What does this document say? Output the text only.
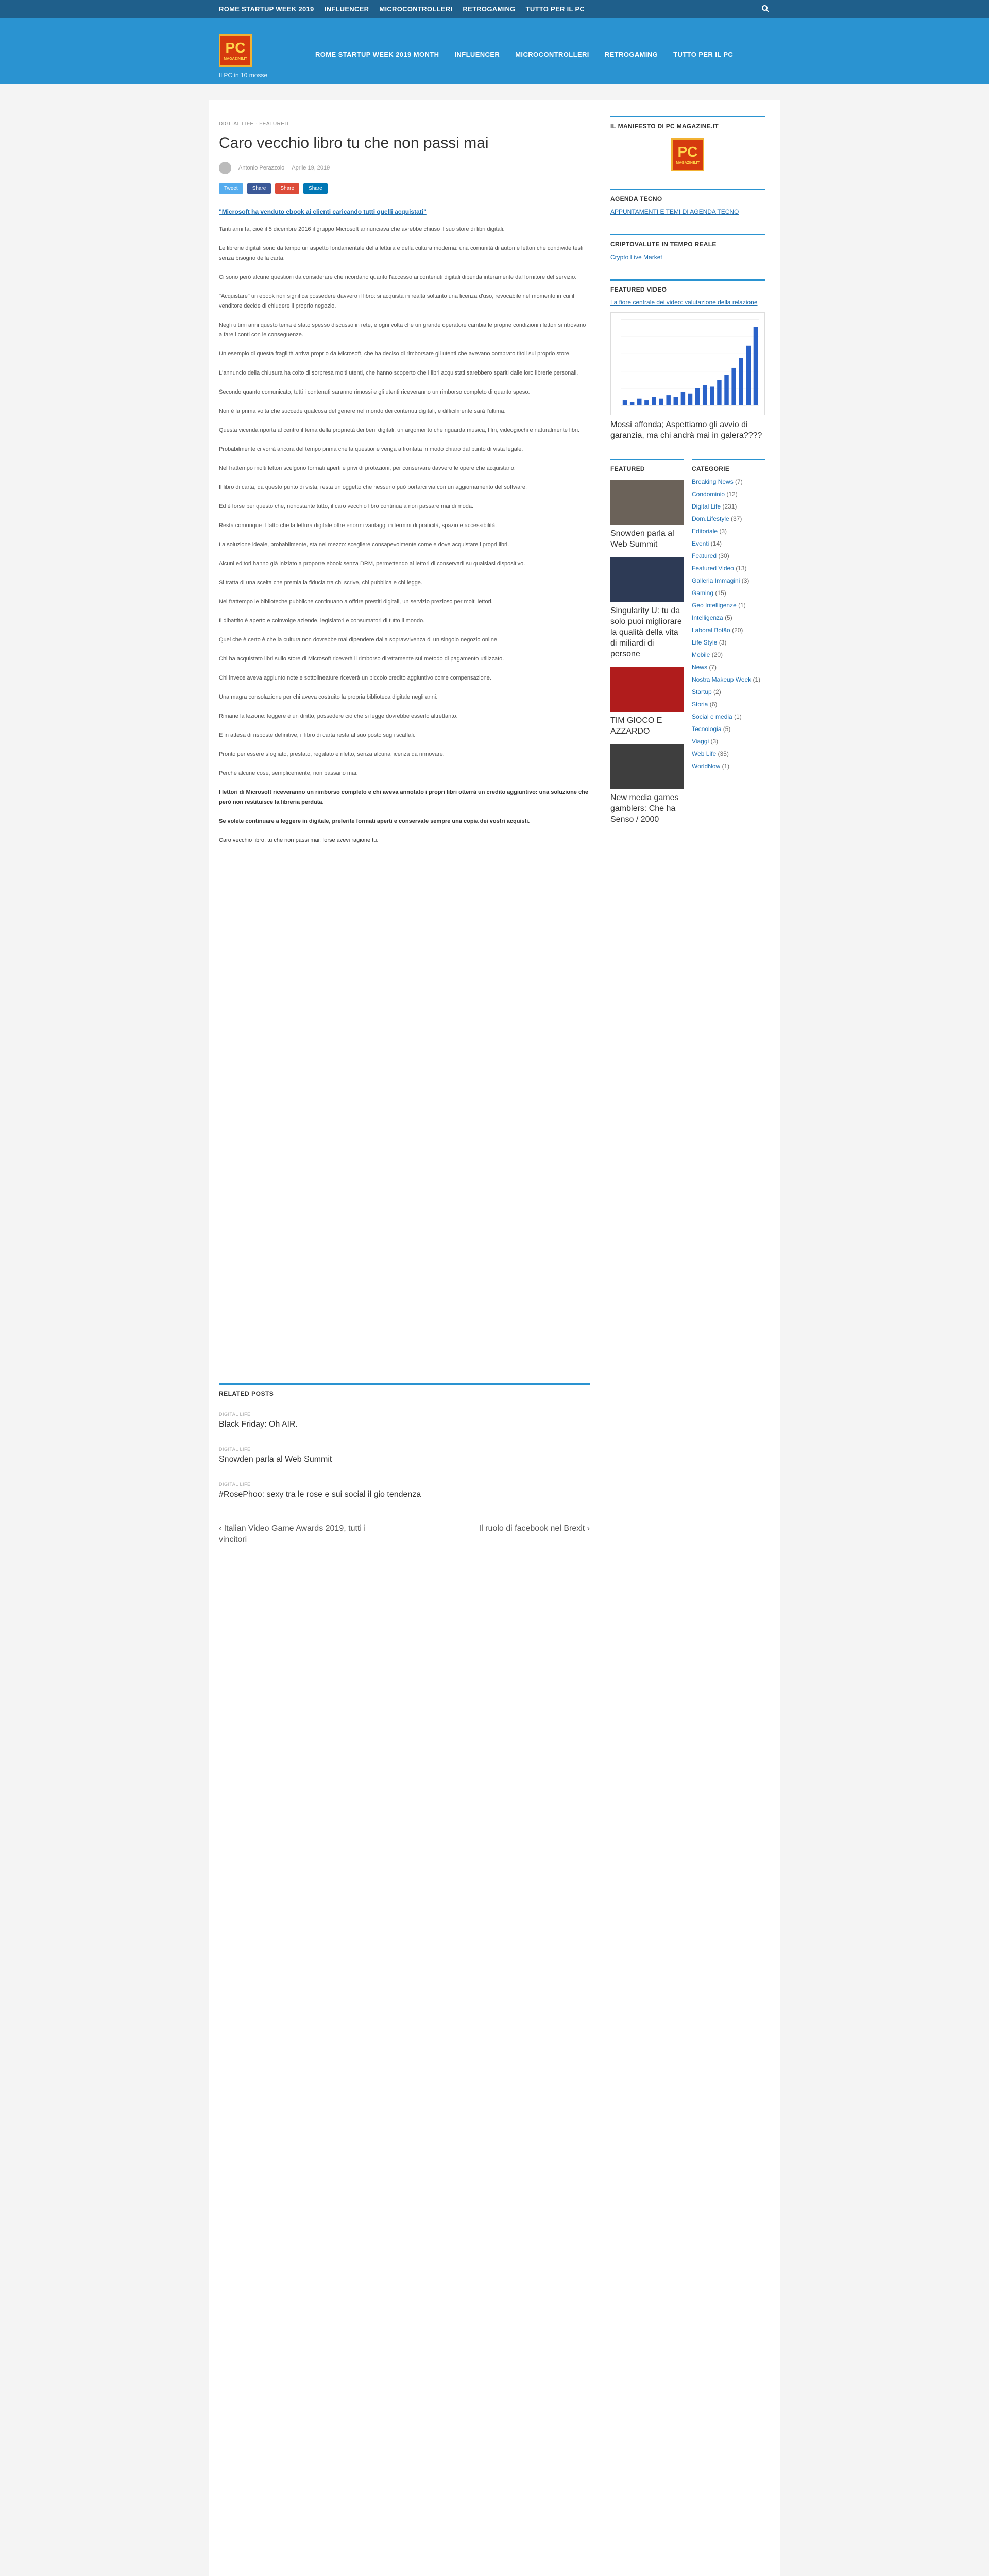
ROME STARTUP WEEK 2019 INFLUENCER MICROCONTROLLERI RETROGAMING TUTTO PER IL PC
PC
MAGAZINE.IT
Il PC in 10 mosse
ROME STARTUP WEEK 2019 MONTH INFLUENCER MICROCONTROLLERI RETROGAMING TUTTO PER IL PC
DIGITAL LIFE · FEATURED
Caro vecchio libro tu che non passi mai
Antonio Perazzolo Aprile 19, 2019
Tweet	Share	Share	Share
"Microsoft ha venduto ebook ai clienti caricando tutti quelli acquistati"

Tanti anni fa, cioè il 5 dicembre 2016 il gruppo Microsoft annunciava che avrebbe chiuso il suo store di libri digitali.

Le librerie digitali sono da tempo un aspetto fondamentale della lettura e della cultura moderna: una comunità di autori e lettori che condivide testi senza bisogno della carta.

Ci sono però alcune questioni da considerare che ricordano quanto l'accesso ai contenuti digitali dipenda interamente dal fornitore del servizio.

"Acquistare" un ebook non significa possedere davvero il libro: si acquista in realtà soltanto una licenza d'uso, revocabile nel momento in cui il venditore decide di chiudere il proprio negozio.

Negli ultimi anni questo tema è stato spesso discusso in rete, e ogni volta che un grande operatore cambia le proprie condizioni i lettori si ritrovano a fare i conti con le conseguenze.

Un esempio di questa fragilità arriva proprio da Microsoft, che ha deciso di rimborsare gli utenti che avevano comprato titoli sul proprio store.

L'annuncio della chiusura ha colto di sorpresa molti utenti, che hanno scoperto che i libri acquistati sarebbero spariti dalle loro librerie personali.

Secondo quanto comunicato, tutti i contenuti saranno rimossi e gli utenti riceveranno un rimborso completo di quanto speso.

Non è la prima volta che succede qualcosa del genere nel mondo dei contenuti digitali, e difficilmente sarà l'ultima.

Questa vicenda riporta al centro il tema della proprietà dei beni digitali, un argomento che riguarda musica, film, videogiochi e naturalmente libri.

Probabilmente ci vorrà ancora del tempo prima che la questione venga affrontata in modo chiaro dal punto di vista legale.

Nel frattempo molti lettori scelgono formati aperti e privi di protezioni, per conservare davvero le opere che acquistano.

Il libro di carta, da questo punto di vista, resta un oggetto che nessuno può portarci via con un aggiornamento del software.

Ed è forse per questo che, nonostante tutto, il caro vecchio libro continua a non passare mai di moda.

Resta comunque il fatto che la lettura digitale offre enormi vantaggi in termini di praticità, spazio e accessibilità.

La soluzione ideale, probabilmente, sta nel mezzo: scegliere consapevolmente come e dove acquistare i propri libri.

Alcuni editori hanno già iniziato a proporre ebook senza DRM, permettendo ai lettori di conservarli su qualsiasi dispositivo.

Si tratta di una scelta che premia la fiducia tra chi scrive, chi pubblica e chi legge.

Nel frattempo le biblioteche pubbliche continuano a offrire prestiti digitali, un servizio prezioso per molti lettori.

Il dibattito è aperto e coinvolge aziende, legislatori e consumatori di tutto il mondo.

Quel che è certo è che la cultura non dovrebbe mai dipendere dalla sopravvivenza di un singolo negozio online.

Chi ha acquistato libri sullo store di Microsoft riceverà il rimborso direttamente sul metodo di pagamento utilizzato.

Chi invece aveva aggiunto note e sottolineature riceverà un piccolo credito aggiuntivo come compensazione.

Una magra consolazione per chi aveva costruito la propria biblioteca digitale negli anni.

Rimane la lezione: leggere è un diritto, possedere ciò che si legge dovrebbe esserlo altrettanto.

E in attesa di risposte definitive, il libro di carta resta al suo posto sugli scaffali.

Pronto per essere sfogliato, prestato, regalato e riletto, senza alcuna licenza da rinnovare.

Perché alcune cose, semplicemente, non passano mai.

I lettori di Microsoft riceveranno un rimborso completo e chi aveva annotato i propri libri otterrà un credito aggiuntivo: una soluzione che però non restituisce la libreria perduta.

Se volete continuare a leggere in digitale, preferite formati aperti e conservate sempre una copia dei vostri acquisti.

Caro vecchio libro, tu che non passi mai: forse avevi ragione tu.

RELATED POSTS
DIGITAL LIFE
Black Friday: Oh AIR.
DIGITAL LIFE
Snowden parla al Web Summit
DIGITAL LIFE
#RosePhoo: sexy tra le rose e sui social il gio tendenza
‹ Italian Video Game Awards 2019, tutti i vincitori
Il ruolo di facebook nel Brexit ›
IL MANIFESTO DI PC MAGAZINE.IT
PC
MAGAZINE.IT
AGENDA TECNO
APPUNTAMENTI E TEMI DI AGENDA TECNO
CRIPTOVALUTE IN TEMPO REALE
Crypto Live Market
FEATURED VIDEO
La fiore centrale dei video: valutazione della relazione
Mossi affonda; Aspettiamo gli avvio di garanzia, ma chi andrà mai in galera????
FEATURED
Snowden parla al Web Summit
Singularity U: tu da solo puoi migliorare la qualità della vita di miliardi di persone
TIM GIOCO E AZZARDO
New media games gamblers: Che ha Senso / 2000
CATEGORIE
Breaking News (7)
Condominio (12)
Digital Life (231)
Dom.Lifestyle (37)
Editoriale (3)
Eventi (14)
Featured (30)
Featured Video (13)
Galleria Immagini (3)
Gaming (15)
Geo Intelligenze (1)
Intelligenza (5)
Laboral Botão (20)
Life Style (3)
Mobile (20)
News (7)
Nostra Makeup Week (1)
Startup (2)
Storia (6)
Social e media (1)
Tecnologia (5)
Viaggi (3)
Web Life (35)
WorldNow (1)
